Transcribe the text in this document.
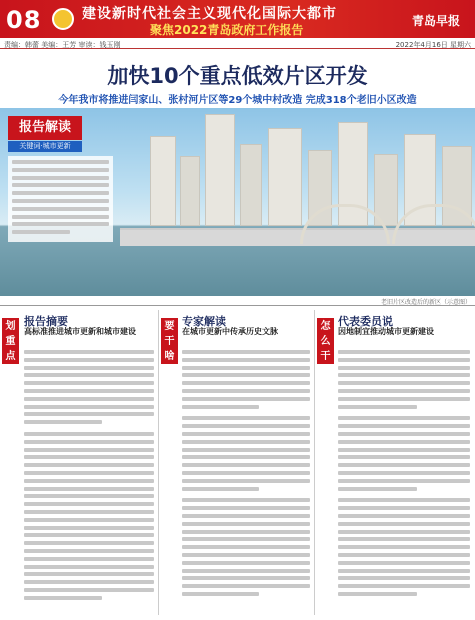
08	建设新时代社会主义现代化国际大都市
聚焦2022青岛政府工作报告
青岛早报
责编：韩蕾 美编：王芳 审读：钱玉刚	2022年4月16日 星期六
加快10个重点低效片区开发
今年我市将推进闫家山、张村河片区等29个城中村改造 完成318个老旧小区改造
报告解读
关键词·城市更新
老旧片区改造后的新区（示意图）
划重点
报告摘要
高标准推进城市更新和城市建设	要干啥
专家解读
在城市更新中传承历史文脉	怎么干
代表委员说
因地制宜推动城市更新建设
